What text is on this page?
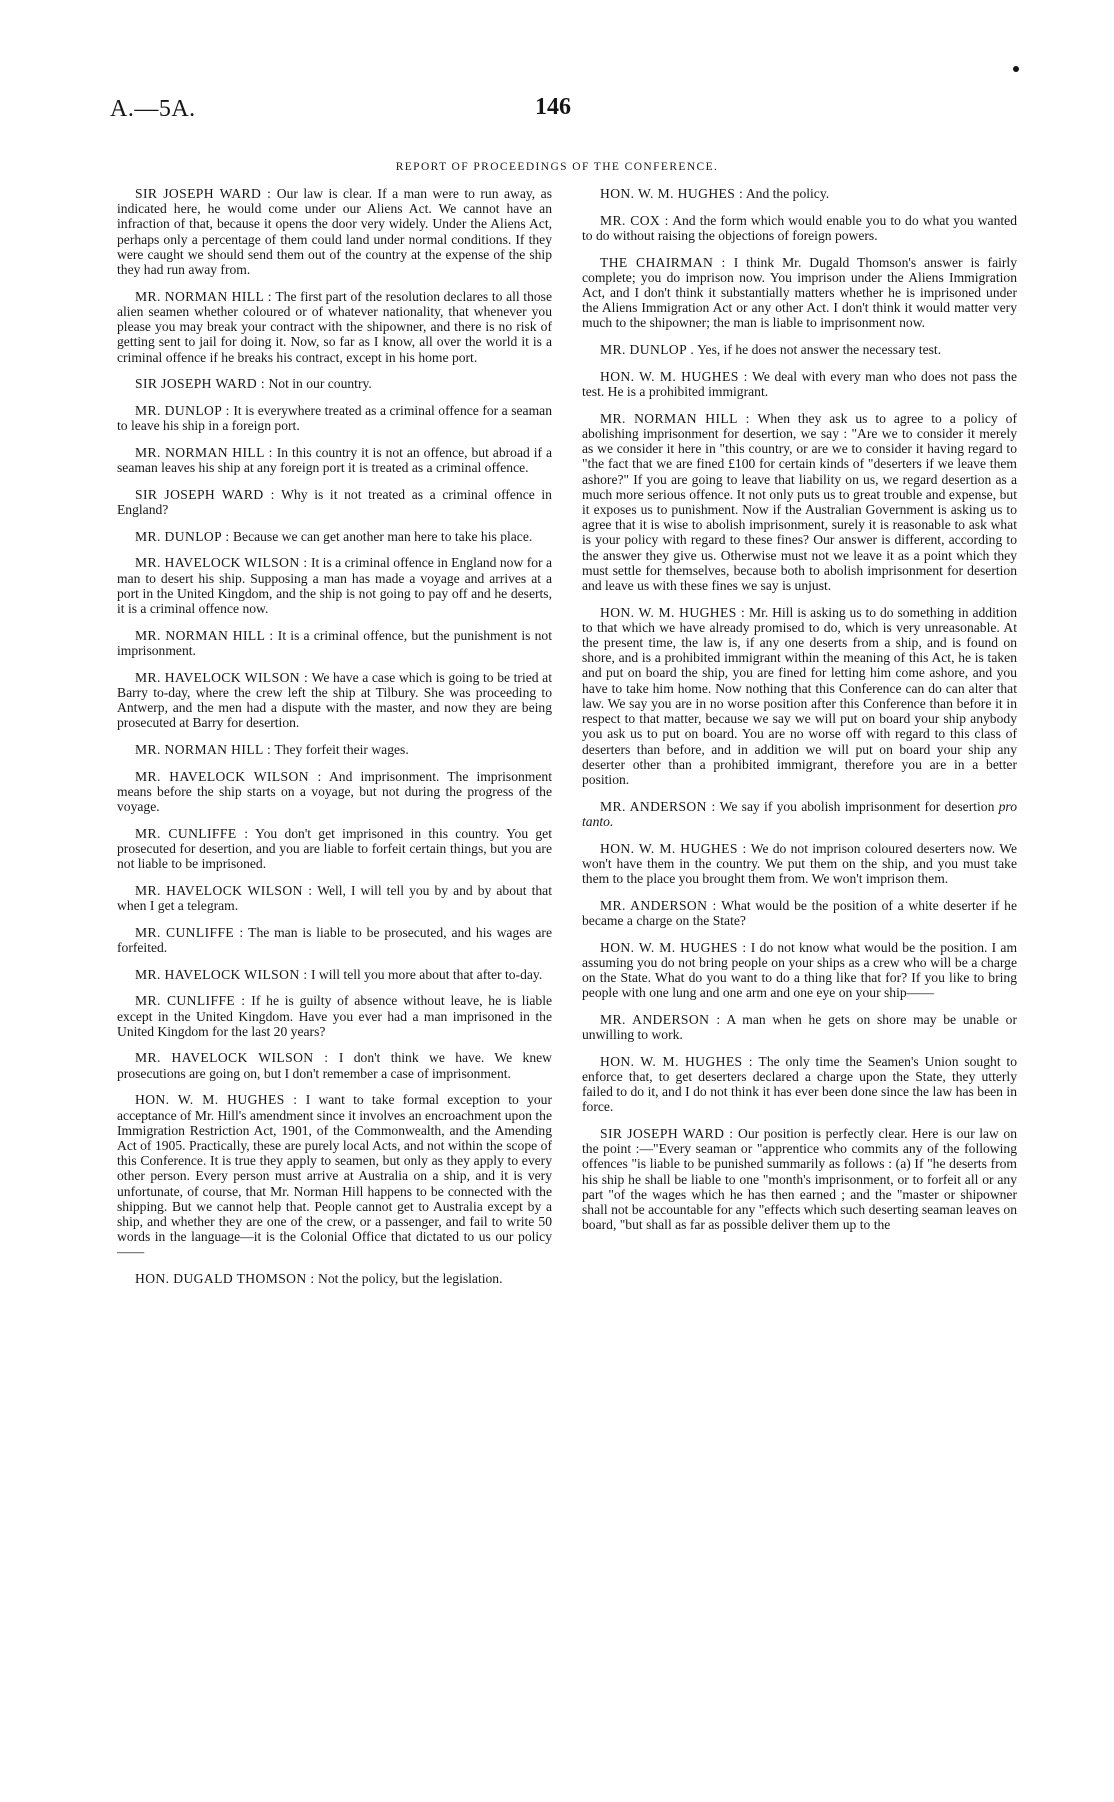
A.—5A.	146
REPORT OF PROCEEDINGS OF THE CONFERENCE.

SIR JOSEPH WARD : Our law is clear. If a man were to run away, as indicated here, he would come under our Aliens Act. We cannot have an infraction of that, because it opens the door very widely. Under the Aliens Act, perhaps only a percentage of them could land under normal conditions. If they were caught we should send them out of the country at the expense of the ship they had run away from.

MR. NORMAN HILL : The first part of the resolution declares to all those alien seamen whether coloured or of whatever nationality, that whenever you please you may break your contract with the shipowner, and there is no risk of getting sent to jail for doing it. Now, so far as I know, all over the world it is a criminal offence if he breaks his contract, except in his home port.

SIR JOSEPH WARD : Not in our country.

MR. DUNLOP : It is everywhere treated as a criminal offence for a seaman to leave his ship in a foreign port.

MR. NORMAN HILL : In this country it is not an offence, but abroad if a seaman leaves his ship at any foreign port it is treated as a criminal offence.

SIR JOSEPH WARD : Why is it not treated as a criminal offence in England?

MR. DUNLOP : Because we can get another man here to take his place.

MR. HAVELOCK WILSON : It is a criminal offence in England now for a man to desert his ship. Supposing a man has made a voyage and arrives at a port in the United Kingdom, and the ship is not going to pay off and he deserts, it is a criminal offence now.

MR. NORMAN HILL : It is a criminal offence, but the punishment is not imprisonment.

MR. HAVELOCK WILSON : We have a case which is going to be tried at Barry to-day, where the crew left the ship at Tilbury. She was proceeding to Antwerp, and the men had a dispute with the master, and now they are being prosecuted at Barry for desertion.

MR. NORMAN HILL : They forfeit their wages.

MR. HAVELOCK WILSON : And imprisonment. The imprisonment means before the ship starts on a voyage, but not during the progress of the voyage.

MR. CUNLIFFE : You don't get imprisoned in this country. You get prosecuted for desertion, and you are liable to forfeit certain things, but you are not liable to be imprisoned.

MR. HAVELOCK WILSON : Well, I will tell you by and by about that when I get a telegram.

MR. CUNLIFFE : The man is liable to be prosecuted, and his wages are forfeited.

MR. HAVELOCK WILSON : I will tell you more about that after to-day.

MR. CUNLIFFE : If he is guilty of absence without leave, he is liable except in the United Kingdom. Have you ever had a man imprisoned in the United Kingdom for the last 20 years?

MR. HAVELOCK WILSON : I don't think we have. We knew prosecutions are going on, but I don't remember a case of imprisonment.

HON. W. M. HUGHES : I want to take formal exception to your acceptance of Mr. Hill's amendment since it involves an encroachment upon the Immigration Restriction Act, 1901, of the Commonwealth, and the Amending Act of 1905. Practically, these are purely local Acts, and not within the scope of this Conference. It is true they apply to seamen, but only as they apply to every other person. Every person must arrive at Australia on a ship, and it is very unfortunate, of course, that Mr. Norman Hill happens to be connected with the shipping. But we cannot help that. People cannot get to Australia except by a ship, and whether they are one of the crew, or a passenger, and fail to write 50 words in the language—it is the Colonial Office that dictated to us our policy——

HON. DUGALD THOMSON : Not the policy, but the legislation.

HON. W. M. HUGHES : And the policy.

MR. COX : And the form which would enable you to do what you wanted to do without raising the objections of foreign powers.

THE CHAIRMAN : I think Mr. Dugald Thomson's answer is fairly complete; you do imprison now. You imprison under the Aliens Immigration Act, and I don't think it substantially matters whether he is imprisoned under the Aliens Immigration Act or any other Act. I don't think it would matter very much to the shipowner; the man is liable to imprisonment now.

MR. DUNLOP . Yes, if he does not answer the necessary test.

HON. W. M. HUGHES : We deal with every man who does not pass the test. He is a prohibited immigrant.

MR. NORMAN HILL : When they ask us to agree to a policy of abolishing imprisonment for desertion, we say : "Are we to consider it merely as we consider it here in "this country, or are we to consider it having regard to "the fact that we are fined £100 for certain kinds of "deserters if we leave them ashore?" If you are going to leave that liability on us, we regard desertion as a much more serious offence. It not only puts us to great trouble and expense, but it exposes us to punishment. Now if the Australian Government is asking us to agree that it is wise to abolish imprisonment, surely it is reasonable to ask what is your policy with regard to these fines? Our answer is different, according to the answer they give us. Otherwise must not we leave it as a point which they must settle for themselves, because both to abolish imprisonment for desertion and leave us with these fines we say is unjust.

HON. W. M. HUGHES : Mr. Hill is asking us to do something in addition to that which we have already promised to do, which is very unreasonable. At the present time, the law is, if any one deserts from a ship, and is found on shore, and is a prohibited immigrant within the meaning of this Act, he is taken and put on board the ship, you are fined for letting him come ashore, and you have to take him home. Now nothing that this Conference can do can alter that law. We say you are in no worse position after this Conference than before it in respect to that matter, because we say we will put on board your ship anybody you ask us to put on board. You are no worse off with regard to this class of deserters than before, and in addition we will put on board your ship any deserter other than a prohibited immigrant, therefore you are in a better position.

MR. ANDERSON : We say if you abolish imprisonment for desertion pro tanto.

HON. W. M. HUGHES : We do not imprison coloured deserters now. We won't have them in the country. We put them on the ship, and you must take them to the place you brought them from. We won't imprison them.

MR. ANDERSON : What would be the position of a white deserter if he became a charge on the State?

HON. W. M. HUGHES : I do not know what would be the position. I am assuming you do not bring people on your ships as a crew who will be a charge on the State. What do you want to do a thing like that for? If you like to bring people with one lung and one arm and one eye on your ship——

MR. ANDERSON : A man when he gets on shore may be unable or unwilling to work.

HON. W. M. HUGHES : The only time the Seamen's Union sought to enforce that, to get deserters declared a charge upon the State, they utterly failed to do it, and I do not think it has ever been done since the law has been in force.

SIR JOSEPH WARD : Our position is perfectly clear. Here is our law on the point :—"Every seaman or "apprentice who commits any of the following offences "is liable to be punished summarily as follows : (a) If "he deserts from his ship he shall be liable to one "month's imprisonment, or to forfeit all or any part "of the wages which he has then earned ; and the "master or shipowner shall not be accountable for any "effects which such deserting seaman leaves on board, "but shall as far as possible deliver them up to the
